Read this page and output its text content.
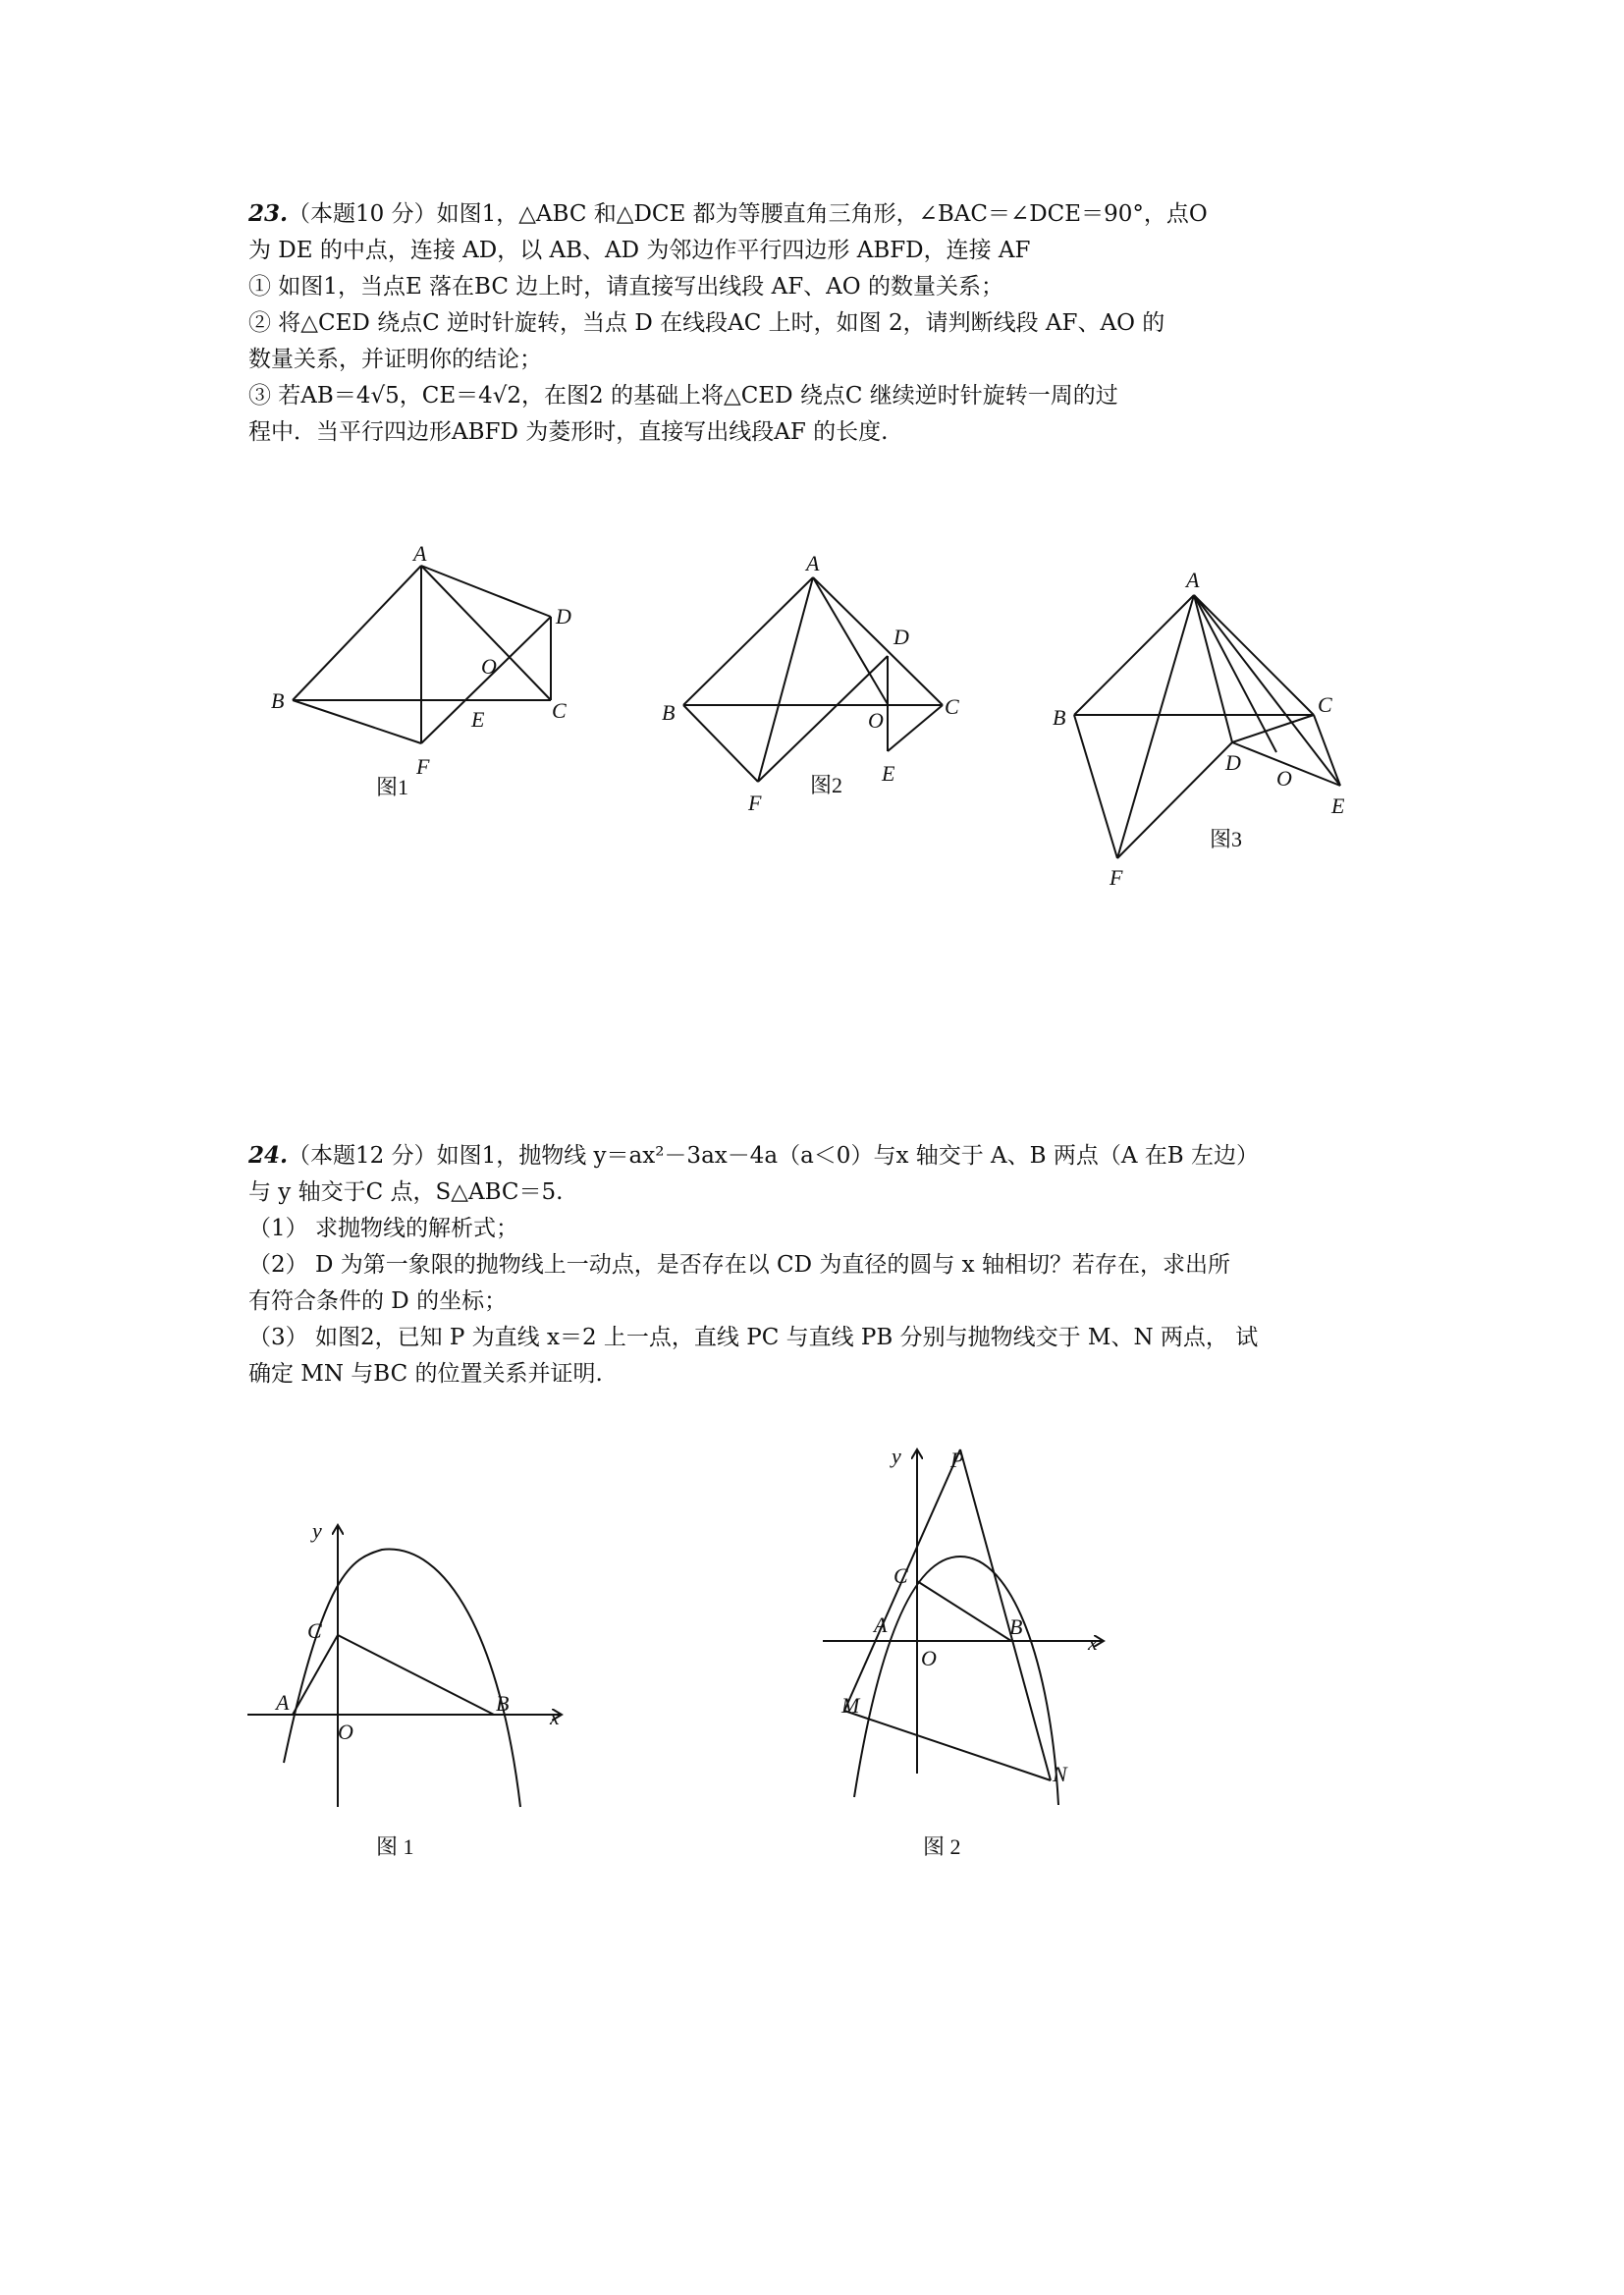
23.（本题10 分）如图1，△ABC 和△DCE 都为等腰直角三角形，∠BAC＝∠DCE＝90°，点O
为 DE 的中点，连接 AD，以 AB、AD 为邻边作平行四边形 ABFD，连接 AF
① 如图1，当点E 落在BC 边上时，请直接写出线段 AF、AO 的数量关系；
② 将△CED 绕点C 逆时针旋转，当点 D 在线段AC 上时，如图 2，请判断线段 AF、AO 的
数量关系，并证明你的结论；
③ 若AB＝4√5，CE＝4√2，在图2 的基础上将△CED 绕点C 继续逆时针旋转一周的过
程中．当平行四边形ABFD 为菱形时，直接写出线段AF 的长度.
A
B	C
D
E
F
O
图1
A
B	C
D
E
F
O
图2
A
B
C
D
E
F
O
图3
24.（本题12 分）如图1，抛物线 y＝ax²－3ax－4a（a＜0）与x 轴交于 A、B 两点（A 在B 左边）
与 y 轴交于C 点，S△ABC＝5.
（1） 求抛物线的解析式；
（2） D 为第一象限的抛物线上一动点，是否存在以 CD 为直径的圆与 x 轴相切？若存在，求出所
有符合条件的 D 的坐标；
（3） 如图2，已知 P 为直线 x＝2 上一点，直线 PC 与直线 PB 分别与抛物线交于 M、N 两点， 试
确定 MN 与BC 的位置关系并证明.
y
x
C
A	B
O
图 1
y P
x
C
A	B
O
M
N
图 2
